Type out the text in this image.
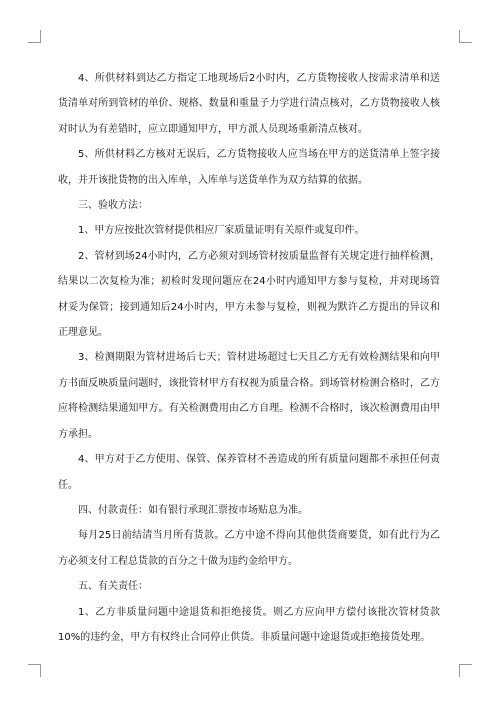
4、所供材料到达乙方指定工地现场后2小时内，乙方货物接收人按需求清单和送货清单对所到管材的单价、规格、数量和重量子力学进行清点核对，乙方货物接收人核对时认为有差错时，应立即通知甲方，甲方派人员现场重新清点核对。

5、所供材料乙方核对无误后，乙方货物接收人应当场在甲方的送货清单上签字接收，并开该批货物的出入库单，入库单与送货单作为双方结算的依据。

三、验收方法：

1、甲方应按批次管材提供相应厂家质量证明有关原件或复印件。

2、管材到场24小时内，乙方必须对到场管材按质量监督有关规定进行抽样检测，结果以二次复检为准；初检时发现问题应在24小时内通知甲方参与复检，并对现场管材妥为保管；接到通知后24小时内，甲方未参与复检，则视为默许乙方提出的异议和正理意见。

3、检测期限为管材进场后七天；管材进场超过七天且乙方无有效检测结果和向甲方书面反映质量问题时，该批管材甲方有权视为质量合格。到场管材检测合格时，乙方应将检测结果通知甲方。有关检测费用由乙方自理。检测不合格时，该次检测费用由甲方承担。

4、甲方对于乙方使用、保管、保养管材不善造成的所有质量问题都不承担任何责任。

四、付款责任：如有银行承现汇票按市场贴息为准。

每月25日前结清当月所有货款。乙方中途不得向其他供货商要货，如有此行为乙方必须支付工程总货款的百分之十做为违约金给甲方。

五、有关责任：

1、乙方非质量问题中途退货和拒绝接货。则乙方应向甲方偿付该批次管材货款10%的违约金，甲方有权终止合同停止供货。非质量问题中途退货或拒绝接货处理。
